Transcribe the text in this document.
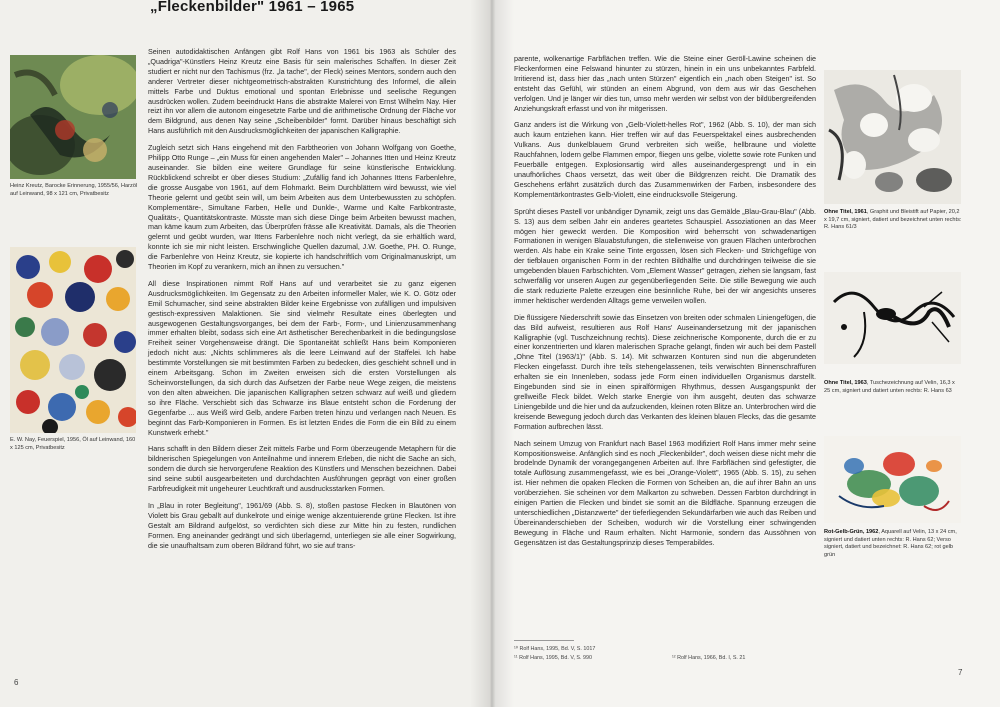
„Fleckenbilder" 1961 – 1965
Heinz Kreutz, Barocke Erinnerung, 1955/56, Harzöl auf Leinwand, 98 x 121 cm, Privatbesitz
E. W. Nay, Feuerspiel, 1956, Öl auf Leinwand, 160 x 125 cm, Privatbesitz

Seinen autodidaktischen Anfängen gibt Rolf Hans von 1961 bis 1963 als Schüler des „Quadriga"-Künstlers Heinz Kreutz eine Basis für sein malerisches Schaffen. In dieser Zeit studiert er nicht nur den Tachismus (frz. „la tache", der Fleck) seines Mentors, sondern auch den anderer Vertreter dieser nichtgeometrisch-abstrakten Kunstrichtung des Informel, die allein mittels Farbe und Duktus emotional und spontan Erlebnisse und seelische Regungen ausdrücken wollen. Zudem beeindruckt Hans die abstrakte Malerei von Ernst Wilhelm Nay. Hier reizt ihn vor allem die autonom eingesetzte Farbe und die arithmetische Ordnung der Fläche vor dem Bildgrund, aus denen Nay seine „Scheibenbilder" formt. Darüber hinaus beschäftigt sich Hans ausführlich mit den Ausdrucksmöglichkeiten der japanischen Kalligraphie.

Zugleich setzt sich Hans eingehend mit den Farbtheorien von Johann Wolfgang von Goethe, Philipp Otto Runge – „ein Muss für einen angehenden Maler" – Johannes Itten und Heinz Kreutz auseinander. Sie bilden eine weitere Grundlage für seine künstlerische Entwicklung. Rückblickend schreibt er über dieses Studium: „Zufällig fand ich Johannes Ittens Farbenlehre, die grosse Ausgabe von 1961, auf dem Flohmarkt. Beim Durchblättern wird bewusst, wie viel Theorie gelernt und geübt sein will, um beim Arbeiten aus dem Unterbewussten zu schöpfen. Komplementäre-, Simultane Farben, Helle und Dunkle-, Warme und Kalte Farbkontraste, Qualitäts-, Quantitätskontraste. Müsste man sich diese Dinge beim Arbeiten bewusst machen, man käme kaum zum Arbeiten, das Überprüfen frässe alle Kreativität. Damals, als die Theorien gelernt und geübt wurden, war Ittens Farbenlehre noch nicht verlegt, da sie erhältlich ward, konnte ich sie mir nicht leisten. Erschwingliche Quellen dazumal, J.W. Goethe, PH. O. Runge, die Farbenlehre von Heinz Kreutz, sie kopierte ich handschriftlich vom Originalmanuskript, um Theorien im Kopf zu verankern, mich an ihnen zu versuchen."

All diese Inspirationen nimmt Rolf Hans auf und verarbeitet sie zu ganz eigenen Ausdrucksmöglichkeiten. Im Gegensatz zu den Arbeiten informeller Maler, wie K. O. Götz oder Emil Schumacher, sind seine abstrakten Bilder keine Ergebnisse von zufälligen und impulsiven gestisch-expressiven Malaktionen. Sie sind vielmehr Resultate eines überlegten und ausgewogenen Gestaltungsvorganges, bei dem der Farb-, Form-, und Linienzusammenhang immer erhalten bleibt, sodass sich eine Art ästhetischer Berechenbarkeit in die bedingungslose Freiheit seiner Vorgehensweise drängt. Die Spontaneität schließt Hans beim Komponieren jedoch nicht aus: „Nichts schlimmeres als die leere Leinwand auf der Staffelei. Ich habe bestimmte Vorstellungen sie mit bestimmten Farben zu bedecken, dies geschieht schnell und in einem Arbeitsgang. Schon im Zweiten erweisen sich die ersten Vorstellungen als Scheinvorstellungen, da sich durch das Aufsetzen der Farbe neue Wege zeigen, die meistens von den alten abweichen. Die japanischen Kalligraphen setzen schwarz auf weiß und gliedern so ihre Fläche. Verschiebt sich das Schwarze ins Blaue entsteht schon die Forderung der Gegenfarbe ... aus Weiß wird Gelb, andere Farben treten hinzu und verlangen nach Neuen. Es beginnt das Farb-Komponieren in Formen. Es ist letzten Endes die Form die ein Bild zu einem Kunstwerk erhebt."

Hans schafft in den Bildern dieser Zeit mittels Farbe und Form überzeugende Metaphern für die bildnerischen Spiegelungen von Anteilnahme und innerem Erleben, die nicht die Sache an sich, sondern die durch sie hervorgerufene Reaktion des Künstlers und Menschen bezeichnen. Dabei sind seine subtil ausgearbeiteten und durchdachten Ausführungen geprägt von einer großen Farbfreudigkeit mit ungeheurer Leuchtkraft und ausdrucksstarken Formen.

In „Blau in roter Begleitung", 1961/69 (Abb. S. 8), stoßen pastose Flecken in Blautönen von Violett bis Grau geballt auf dunkelrote und einige wenige akzentuierende grüne Flecken. Ist ihre Gestalt am Bildrand aufgelöst, so verdichten sich diese zur Mitte hin zu festen, rundlichen Formen. Eng aneinander gedrängt und sich überlagernd, unterliegen sie alle einer Sogwirkung, die sie unaufhaltsam zum oberen Bildrand führt, wo sie auf trans-

6

parente, wolkenartige Farbflächen treffen. Wie die Steine einer Geröll-Lawine scheinen die Fleckenformen eine Felswand hinunter zu stürzen, hinein in ein uns unbekanntes Farbfeld. Irritierend ist, dass hier das „nach unten Stürzen" eigentlich ein „nach oben Steigen" ist. So entsteht das Gefühl, wir stünden an einem Abgrund, von dem aus wir das Geschehen verfolgen. Und je länger wir dies tun, umso mehr werden wir selbst von der bildübergreifenden Anziehungskraft erfasst und von ihr mitgerissen.

Ganz anders ist die Wirkung von „Gelb-Violett-helles Rot", 1962 (Abb. S. 10), der man sich auch kaum entziehen kann. Hier treffen wir auf das Feuerspektakel eines ausbrechenden Vulkans. Aus dunkelblauem Grund verbreiten sich weiße, hellbraune und violette Rauchfahnen, lodern gelbe Flammen empor, fliegen uns gelbe, violette sowie rote Funken und Feuerbälle entgegen. Explosionsartig wird alles auseinandergesprengt und in ein unaufhörliches Chaos versetzt, das weit über die Bildgrenzen reicht. Die Dramatik des Geschehens erfährt zusätzlich durch das Zusammenwirken der Farben, insbesondere des Komplementärkontrastes Gelb-Violett, eine eindrucksvolle Steigerung.

Sprüht dieses Pastell vor unbändiger Dynamik, zeigt uns das Gemälde „Blau-Grau-Blau" (Abb. S. 13) aus dem selben Jahr ein anderes geartetes Schauspiel. Assoziationen an das Meer mögen hier geweckt werden. Die Komposition wird beherrscht von schwadenartigen Formationen in wenigen Blauabstufungen, die stellenweise von grauen Flächen unterbrochen werden. Als habe ein Krake seine Tinte ergossen, lösen sich Flecken- und Strichgefüge von der tiefblauen organischen Form in der rechten Bildhälfte und durchdringen teilweise die sie umgebenden blauen Farbschichten. Vom „Element Wasser" getragen, ziehen sie langsam, fast schwerfällig vor unseren Augen zur gegenüberliegenden Seite. Die stille Bewegung wie auch die stark reduzierte Palette erzeugen eine besinnliche Ruhe, bei der wir angesichts unseres immer hektischer werdenden Alltags gerne verweilen wollen.

Die flüssigere Niederschrift sowie das Einsetzen von breiten oder schmalen Liniengefügen, die das Bild aufweist, resultieren aus Rolf Hans' Auseinandersetzung mit der japanischen Kalligraphie (vgl. Tuschzeichnung rechts). Diese zeichnerische Komponente, durch die er zu einer konzentrierten und klaren malerischen Sprache gelangt, finden wir auch bei dem Pastell „Ohne Titel (1963/1)" (Abb. S. 14). Mit schwarzen Konturen sind nun die abgerundeten Flecken eingefasst. Durch ihre teils stehengelassenen, teils verwischten Binnenschraffuren erhalten sie ein Innenleben, sodass jede Form einen individuellen Organismus darstellt. Eingebunden sind sie in einen spiralförmigen Rhythmus, dessen Ausgangspunkt der grellweiße Fleck bildet. Welch starke Energie von ihm ausgeht, deuten das schwarze Liniengebilde und die hier und da aufzuckenden, kleinen roten Blitze an. Unterbrochen wird die kreisende Bewegung jedoch durch das Verkanten des kleinen blauen Flecks, das die gesamte Formation aufbrechen lässt.

Nach seinem Umzug von Frankfurt nach Basel 1963 modifiziert Rolf Hans immer mehr seine Kompositionsweise. Anfänglich sind es noch „Fleckenbilder", doch weisen diese nicht mehr die brodelnde Dynamik der vorangegangenen Arbeiten auf. Ihre Farbflächen sind gefestigter, die totale Auflösung zusammengefasst, wie es bei „Orange-Violett", 1965 (Abb. S. 15), zu sehen ist. Hier nehmen die opaken Flecken die Formen von Scheiben an, die auf ihrer Bahn an uns vorüberziehen. Sie scheinen vor dem Malkarton zu schweben. Dessen Farbton durchdringt in einigen Partien die Flecken und bindet sie somit an die Bildfläche. Spannung erzeugen die unterschiedlichen „Distanzwerte" der tieferliegenden Sekundärfarben wie auch das Reiben und Übereinanderschieben der Scheiben, wodurch wir die Vorstellung einer schwingenden Bewegung in Fläche und Raum erhalten. Nicht Harmonie, sondern das Aussöhnen von Gegensätzen ist das Gestaltungsprinzip dieses Temperabildes.

Ohne Titel, 1961, Graphit und Bleistift auf Papier, 20,2 x 19,7 cm, signiert, datiert und bezeichnet unten rechts: R. Hans 61/3
Ohne Titel, 1963, Tuschezeichnung auf Velin, 16,3 x 25 cm, signiert und datiert unten rechts: R. Hans 63
Rot-Gelb-Grün, 1962, Aquarell auf Velin, 13 x 24 cm, signiert und datiert unten rechts: R. Hans 62; Verso signiert, datiert und bezeichnet: R. Hans 62; rot gelb grün
¹⁰ Rolf Hans, 1995, Bd. V, S. 1017
¹¹ Rolf Hans, 1995, Bd. V, S. 990	¹² Rolf Hans, 1966, Bd. I, S. 21
7
